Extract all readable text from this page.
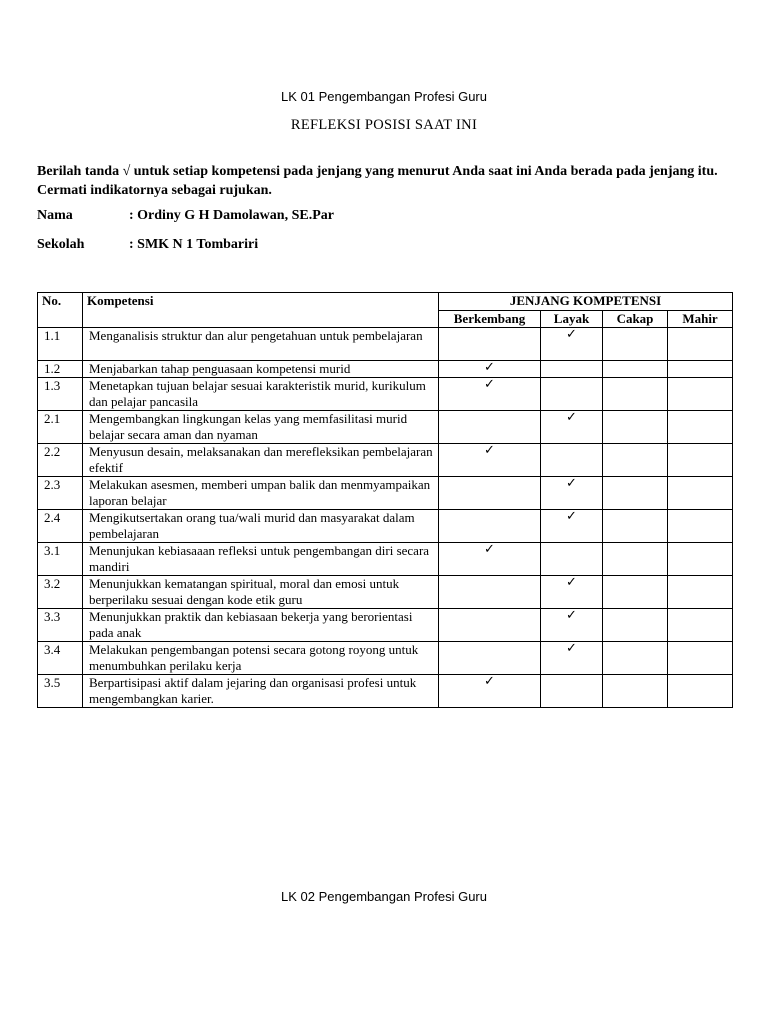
LK 01 Pengembangan Profesi Guru
REFLEKSI POSISI SAAT INI
Berilah tanda √ untuk setiap kompetensi pada jenjang yang menurut Anda saat ini Anda berada pada jenjang itu. Cermati indikatornya sebagai rujukan.
Nama	: Ordiny G H Damolawan, SE.Par
Sekolah	: SMK N 1 Tombariri
No.	Kompetensi	JENJANG KOMPETENSI			
		Berkembang	Layak	Cakap	Mahir
1.1	Menganalisis struktur dan alur pengetahuan untuk pembelajaran		✓		
1.2	Menjabarkan tahap penguasaan kompetensi murid	✓			
1.3	Menetapkan tujuan belajar sesuai karakteristik murid, kurikulum dan pelajar pancasila	✓			
2.1	Mengembangkan lingkungan kelas yang memfasilitasi murid belajar secara aman dan nyaman		✓		
2.2	Menyusun desain, melaksanakan dan merefleksikan pembelajaran efektif	✓			
2.3	Melakukan asesmen, memberi umpan balik dan menmyampaikan laporan belajar		✓		
2.4	Mengikutsertakan orang tua/wali murid dan masyarakat dalam pembelajaran		✓		
3.1	Menunjukan kebiasaaan refleksi untuk pengembangan diri secara mandiri	✓			
3.2	Menunjukkan kematangan spiritual, moral dan emosi untuk berperilaku sesuai dengan kode etik guru		✓		
3.3	Menunjukkan praktik dan kebiasaan bekerja yang berorientasi pada anak		✓		
3.4	Melakukan pengembangan potensi secara gotong royong untuk menumbuhkan perilaku kerja		✓		
3.5	Berpartisipasi aktif dalam jejaring dan organisasi profesi untuk mengembangkan karier.	✓			
LK 02 Pengembangan Profesi Guru
